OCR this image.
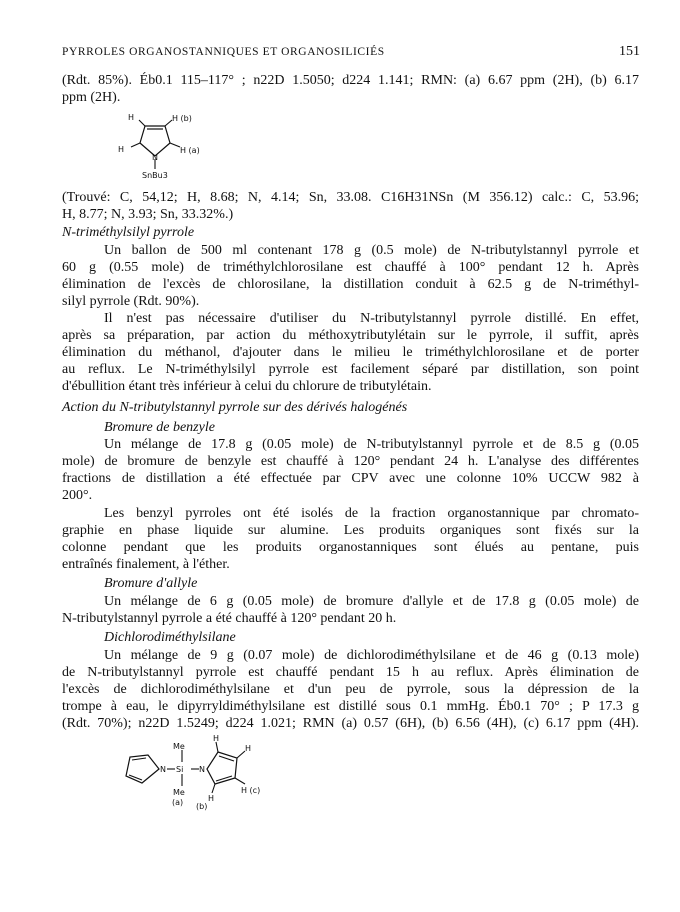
PYRROLES ORGANOSTANNIQUES ET ORGANOSILICIÉS	151
(Rdt. 85%). Éb0.1 115–117° ; n22D 1.5050; d224 1.141; RMN: (a) 6.67 ppm (2H), (b) 6.17
ppm (2H).
H	H (b)
H	H (a)
N
SnBu3
(Trouvé: C, 54,12; H, 8.68; N, 4.14; Sn, 33.08. C16H31NSn (M 356.12) calc.: C, 53.96;
H, 8.77; N, 3.93; Sn, 33.32%.)
N-triméthylsilyl pyrrole
Un ballon de 500 ml contenant 178 g (0.5 mole) de N-tributylstannyl pyrrole et
60 g (0.55 mole) de triméthylchlorosilane est chauffé à 100° pendant 12 h. Après
élimination de l'excès de chlorosilane, la distillation conduit à 62.5 g de N-triméthyl-
silyl pyrrole (Rdt. 90%).
Il n'est pas nécessaire d'utiliser du N-tributylstannyl pyrrole distillé. En effet,
après sa préparation, par action du méthoxytributylétain sur le pyrrole, il suffit, après
élimination du méthanol, d'ajouter dans le milieu le triméthylchlorosilane et de porter
au reflux. Le N-triméthylsilyl pyrrole est facilement séparé par distillation, son point
d'ébullition étant très inférieur à celui du chlorure de tributylétain.
Action du N-tributylstannyl pyrrole sur des dérivés halogénés
Bromure de benzyle
Un mélange de 17.8 g (0.05 mole) de N-tributylstannyl pyrrole et de 8.5 g (0.05
mole) de bromure de benzyle est chauffé à 120° pendant 24 h. L'analyse des différentes
fractions de distillation a été effectuée par CPV avec une colonne 10% UCCW 982 à
200°.
Les benzyl pyrroles ont été isolés de la fraction organostannique par chromato-
graphie en phase liquide sur alumine. Les produits organiques sont fixés sur la
colonne pendant que les produits organostanniques sont élués au pentane, puis
entraînés finalement, à l'éther.
Bromure d'allyle
Un mélange de 6 g (0.05 mole) de bromure d'allyle et de 17.8 g (0.05 mole) de
N-tributylstannyl pyrrole a été chauffé à 120° pendant 20 h.
Dichlorodiméthylsilane
Un mélange de 9 g (0.07 mole) de dichlorodiméthylsilane et de 46 g (0.13 mole)
de N-tributylstannyl pyrrole est chauffé pendant 15 h au reflux. Après élimination de
l'excès de dichlorodiméthylsilane et d'un peu de pyrrole, sous la dépression de la
trompe à eau, le dipyrryldiméthylsilane est distillé sous 0.1 mmHg. Éb0.1 70° ; P 17.3 g
(Rdt. 70%); n22D 1.5249; d224 1.021; RMN (a) 0.57 (6H), (b) 6.56 (4H), (c) 6.17 ppm (4H).
Me
H
H
N Si N
Me	H (c)
H
(a) (b)
